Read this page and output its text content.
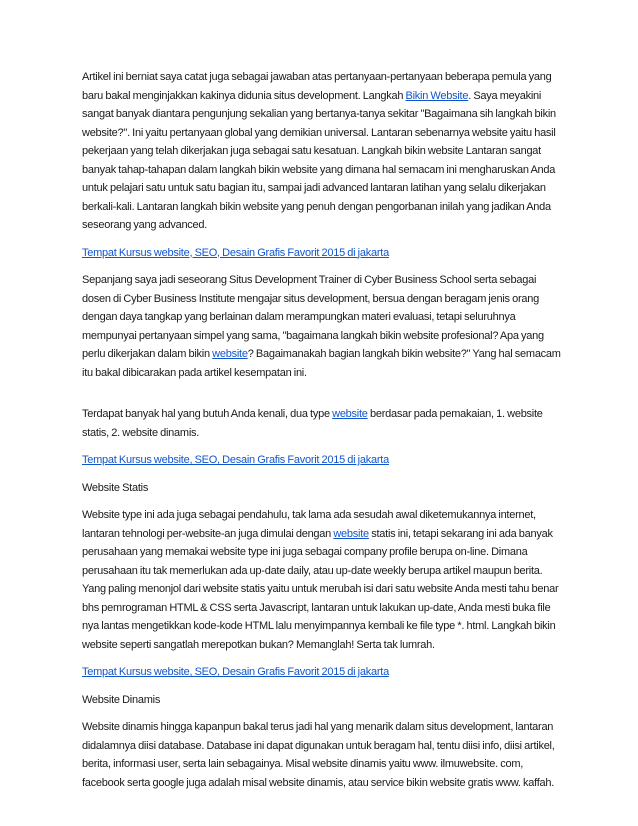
Artikel ini berniat saya catat juga sebagai jawaban atas pertanyaan-pertanyaan beberapa pemula yang baru bakal menginjakkan kakinya didunia situs development. Langkah Bikin Website. Saya meyakini sangat banyak diantara pengunjung sekalian yang bertanya-tanya sekitar "Bagaimana sih langkah bikin website?". Ini yaitu pertanyaan global yang demikian universal. Lantaran sebenarnya website yaitu hasil pekerjaan yang telah dikerjakan juga sebagai satu kesatuan. Langkah bikin website Lantaran sangat banyak tahap-tahapan dalam langkah bikin website yang dimana hal semacam ini mengharuskan Anda untuk pelajari satu untuk satu bagian itu, sampai jadi advanced lantaran latihan yang selalu dikerjakan berkali-kali. Lantaran langkah bikin website yang penuh dengan pengorbanan inilah yang jadikan Anda seseorang yang advanced.

Tempat Kursus website, SEO, Desain Grafis Favorit 2015 di jakarta

Sepanjang saya jadi seseorang Situs Development Trainer di Cyber Business School serta sebagai dosen di Cyber Business Institute mengajar situs development, bersua dengan beragam jenis orang dengan daya tangkap yang berlainan dalam merampungkan materi evaluasi, tetapi seluruhnya mempunyai pertanyaan simpel yang sama, "bagaimana langkah bikin website profesional? Apa yang perlu dikerjakan dalam bikin website? Bagaimanakah bagian langkah bikin website?" Yang hal semacam itu bakal dibicarakan pada artikel kesempatan ini.

Terdapat banyak hal yang butuh Anda kenali, dua type website berdasar pada pemakaian, 1. website statis, 2. website dinamis.

Tempat Kursus website, SEO, Desain Grafis Favorit 2015 di jakarta

Website Statis

Website type ini ada juga sebagai pendahulu, tak lama ada sesudah awal diketemukannya internet, lantaran tehnologi per-website-an juga dimulai dengan website statis ini, tetapi sekarang ini ada banyak perusahaan yang memakai website type ini juga sebagai company profile berupa on-line. Dimana perusahaan itu tak memerlukan ada up-date daily, atau up-date weekly berupa artikel maupun berita. Yang paling menonjol dari website statis yaitu untuk merubah isi dari satu website Anda mesti tahu benar bhs pemrograman HTML & CSS serta Javascript, lantaran untuk lakukan up-date, Anda mesti buka file nya lantas mengetikkan kode-kode HTML lalu menyimpannya kembali ke file type *. html. Langkah bikin website seperti sangatlah merepotkan bukan? Memanglah! Serta tak lumrah.

Tempat Kursus website, SEO, Desain Grafis Favorit 2015 di jakarta

Website Dinamis

Website dinamis hingga kapanpun bakal terus jadi hal yang menarik dalam situs development, lantaran didalamnya diisi database. Database ini dapat digunakan untuk beragam hal, tentu diisi info, diisi artikel, berita, informasi user, serta lain sebagainya. Misal website dinamis yaitu www. ilmuwebsite. com, facebook serta google juga adalah misal website dinamis, atau service bikin website gratis www. kaffah.
